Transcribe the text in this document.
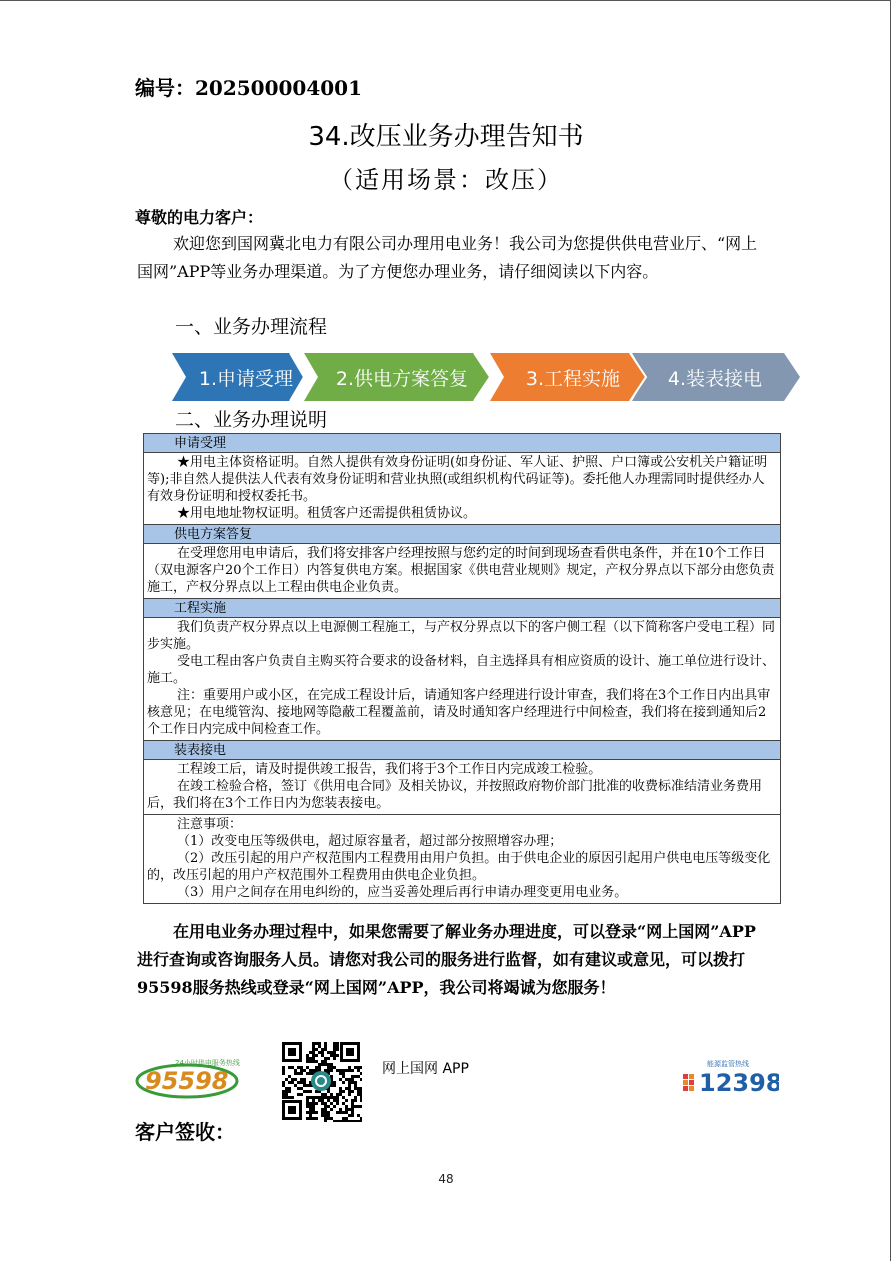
编号：202500004001
34.改压业务办理告知书
（适用场景：改压）
尊敬的电力客户：
欢迎您到国网冀北电力有限公司办理用电业务！我公司为您提供供电营业厅、“网上国网”APP等业务办理渠道。为了方便您办理业务，请仔细阅读以下内容。
一、业务办理流程
1.申请受理 2.供电方案答复	3.工程实施	4.装表接电
二、业务办理说明
申请受理

★用电主体资格证明。自然人提供有效身份证明(如身份证、军人证、护照、户口簿或公安机关户籍证明等);非自然人提供法人代表有效身份证明和营业执照(或组织机构代码证等)。委托他人办理需同时提供经办人有效身份证明和授权委托书。

★用电地址物权证明。租赁客户还需提供租赁协议。

供电方案答复

在受理您用电申请后，我们将安排客户经理按照与您约定的时间到现场查看供电条件，并在10个工作日（双电源客户20个工作日）内答复供电方案。根据国家《供电营业规则》规定，产权分界点以下部分由您负责施工，产权分界点以上工程由供电企业负责。

工程实施

我们负责产权分界点以上电源侧工程施工，与产权分界点以下的客户侧工程（以下简称客户受电工程）同步实施。

受电工程由客户负责自主购买符合要求的设备材料，自主选择具有相应资质的设计、施工单位进行设计、施工。

注：重要用户或小区，在完成工程设计后，请通知客户经理进行设计审查，我们将在3个工作日内出具审核意见；在电缆管沟、接地网等隐蔽工程覆盖前，请及时通知客户经理进行中间检查，我们将在接到通知后2个工作日内完成中间检查工作。

装表接电

工程竣工后，请及时提供竣工报告，我们将于3个工作日内完成竣工检验。

在竣工检验合格，签订《供用电合同》及相关协议，并按照政府物价部门批准的收费标准结清业务费用后，我们将在3个工作日内为您装表接电。

注意事项：

（1）改变电压等级供电，超过原容量者，超过部分按照增容办理；

（2）改压引起的用户产权范围内工程费用由用户负担。由于供电企业的原因引起用户供电电压等级变化的，改压引起的用户产权范围外工程费用由供电企业负担。

（3）用户之间存在用电纠纷的，应当妥善处理后再行申请办理变更用电业务。

在用电业务办理过程中，如果您需要了解业务办理进度，可以登录“网上国网”APP进行查询或咨询服务人员。请您对我公司的服务进行监督，如有建议或意见，可以拨打95598服务热线或登录“网上国网”APP，我公司将竭诚为您服务！
24小时供电服务热线
95598	网上国网 APP	能源监管热线
12398
客户签收：
48
